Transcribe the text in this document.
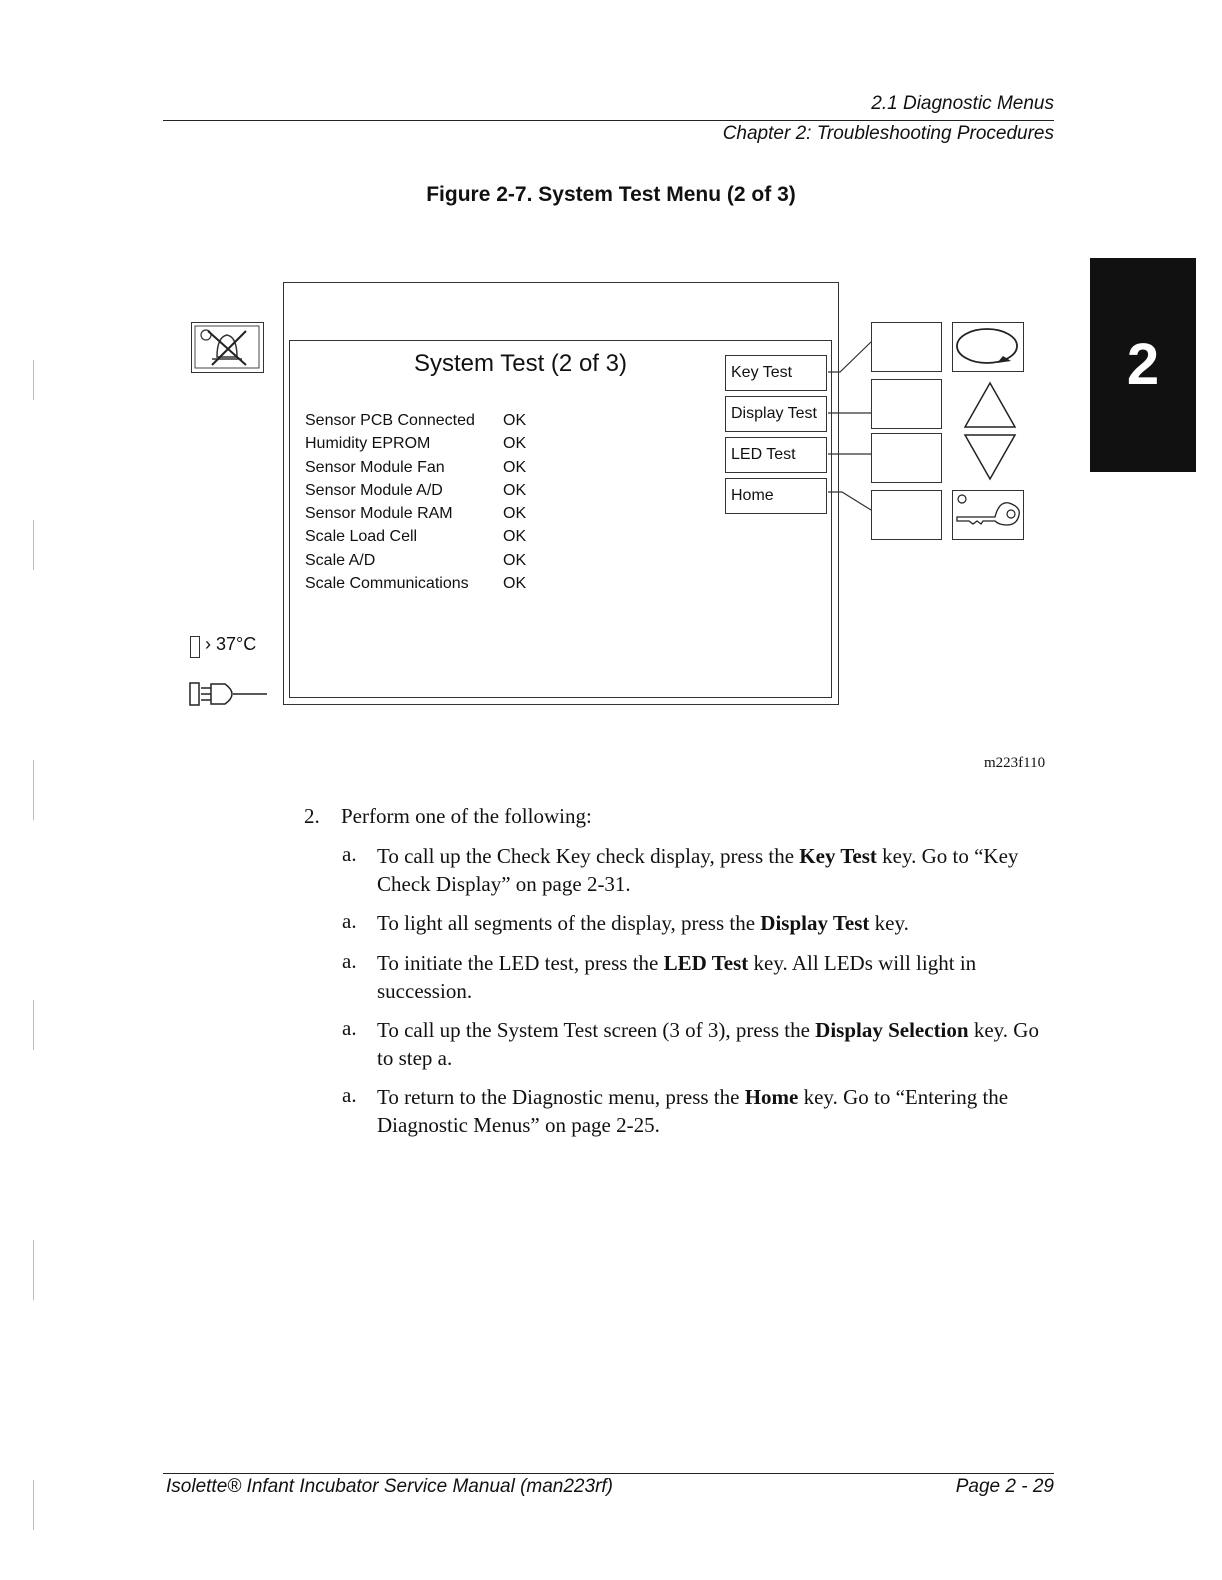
2.1 Diagnostic Menus
Chapter 2: Troubleshooting Procedures
2
Figure 2-7. System Test Menu (2 of 3)
System Test (2 of 3)
Sensor PCB Connected	OK
Humidity EPROM	OK
Sensor Module Fan	OK
Sensor Module A/D	OK
Sensor Module RAM	OK
Scale Load Cell	OK
Scale A/D	OK
Scale Communications	OK
Key Test
Display Test
LED Test
Home
› 37°C
m223f110
2. Perform one of the following:
a. To call up the Check Key check display, press the Key Test key. Go to “Key Check Display” on page 2-31.
a. To light all segments of the display, press the Display Test key.
a. To initiate the LED test, press the LED Test key. All LEDs will light in succession.
a. To call up the System Test screen (3 of 3), press the Display Selection key. Go to step a.
a. To return to the Diagnostic menu, press the Home key. Go to “Entering the Diagnostic Menus” on page 2-25.
Isolette® Infant Incubator Service Manual (man223rf)	Page 2 - 29
